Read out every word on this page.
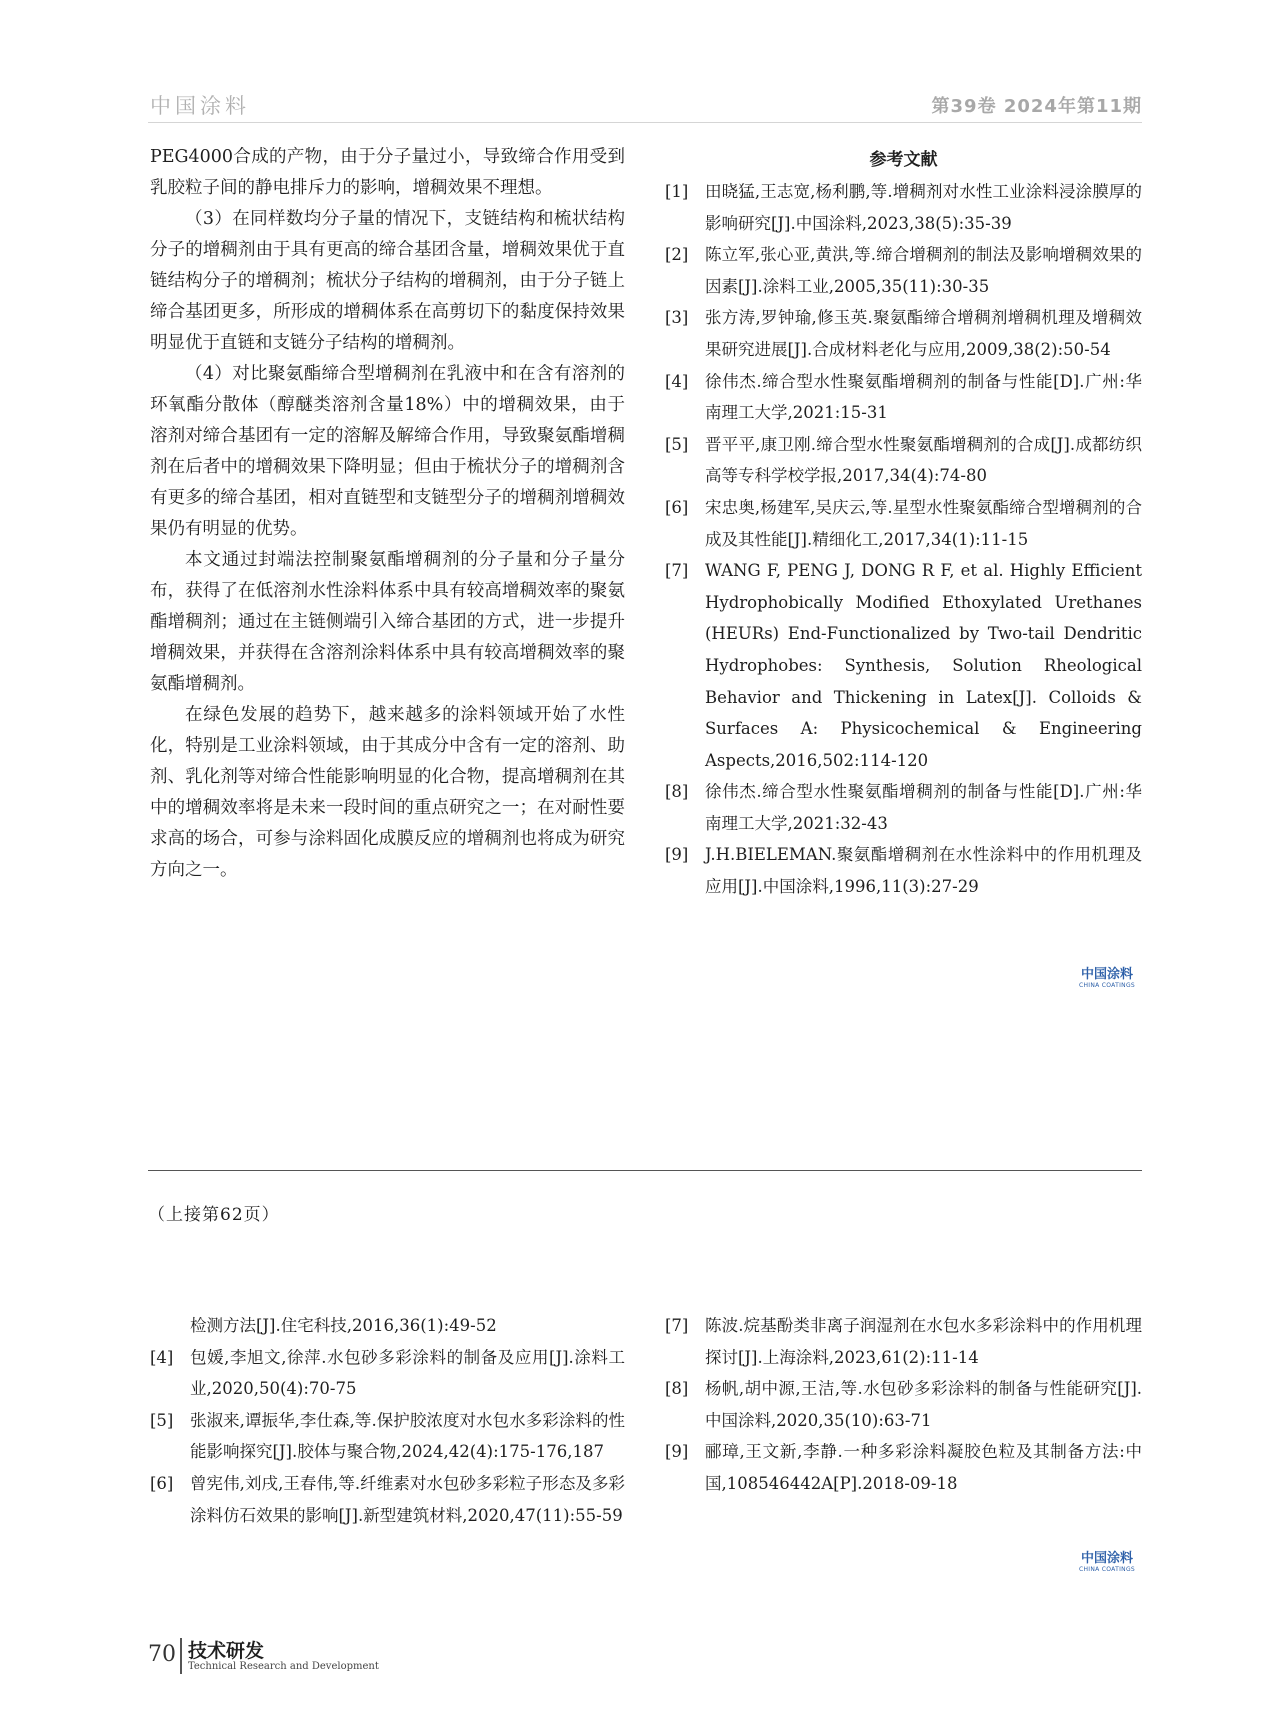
中国涂料	第39卷 2024年第11期

PEG4000合成的产物，由于分子量过小，导致缔合作用受到乳胶粒子间的静电排斥力的影响，增稠效果不理想。

（3）在同样数均分子量的情况下，支链结构和梳状结构分子的增稠剂由于具有更高的缔合基团含量，增稠效果优于直链结构分子的增稠剂；梳状分子结构的增稠剂，由于分子链上缔合基团更多，所形成的增稠体系在高剪切下的黏度保持效果明显优于直链和支链分子结构的增稠剂。

（4）对比聚氨酯缔合型增稠剂在乳液中和在含有溶剂的环氧酯分散体（醇醚类溶剂含量18%）中的增稠效果，由于溶剂对缔合基团有一定的溶解及解缔合作用，导致聚氨酯增稠剂在后者中的增稠效果下降明显；但由于梳状分子的增稠剂含有更多的缔合基团，相对直链型和支链型分子的增稠剂增稠效果仍有明显的优势。

本文通过封端法控制聚氨酯增稠剂的分子量和分子量分布，获得了在低溶剂水性涂料体系中具有较高增稠效率的聚氨酯增稠剂；通过在主链侧端引入缔合基团的方式，进一步提升增稠效果，并获得在含溶剂涂料体系中具有较高增稠效率的聚氨酯增稠剂。

在绿色发展的趋势下，越来越多的涂料领域开始了水性化，特别是工业涂料领域，由于其成分中含有一定的溶剂、助剂、乳化剂等对缔合性能影响明显的化合物，提高增稠剂在其中的增稠效率将是未来一段时间的重点研究之一；在对耐性要求高的场合，可参与涂料固化成膜反应的增稠剂也将成为研究方向之一。

参考文献
[1] 田晓猛,王志宽,杨利鹏,等.增稠剂对水性工业涂料浸涂膜厚的影响研究[J].中国涂料,2023,38(5):35-39
[2] 陈立军,张心亚,黄洪,等.缔合增稠剂的制法及影响增稠效果的因素[J].涂料工业,2005,35(11):30-35
[3] 张方涛,罗钟瑜,修玉英.聚氨酯缔合增稠剂增稠机理及增稠效果研究进展[J].合成材料老化与应用,2009,38(2):50-54
[4] 徐伟杰.缔合型水性聚氨酯增稠剂的制备与性能[D].广州:华南理工大学,2021:15-31
[5] 晋平平,康卫刚.缔合型水性聚氨酯增稠剂的合成[J].成都纺织高等专科学校学报,2017,34(4):74-80
[6] 宋忠奥,杨建军,吴庆云,等.星型水性聚氨酯缔合型增稠剂的合成及其性能[J].精细化工,2017,34(1):11-15
[7] WANG F, PENG J, DONG R F, et al. Highly Efficient Hydrophobically Modified Ethoxylated Urethanes (HEURs) End-Functionalized by Two-tail Dendritic Hydrophobes: Synthesis, Solution Rheological Behavior and Thickening in Latex[J]. Colloids & Surfaces A: Physicochemical & Engineering Aspects,2016,502:114-120
[8] 徐伟杰.缔合型水性聚氨酯增稠剂的制备与性能[D].广州:华南理工大学,2021:32-43
[9] J.H.BIELEMAN.聚氨酯增稠剂在水性涂料中的作用机理及应用[J].中国涂料,1996,11(3):27-29
中国涂料
CHINA COATINGS
（上接第62页）
检测方法[J].住宅科技,2016,36(1):49-52
[4] 包媛,李旭文,徐萍.水包砂多彩涂料的制备及应用[J].涂料工业,2020,50(4):70-75
[5] 张淑来,谭振华,李仕森,等.保护胶浓度对水包水多彩涂料的性能影响探究[J].胶体与聚合物,2024,42(4):175-176,187
[6] 曾宪伟,刘戌,王春伟,等.纤维素对水包砂多彩粒子形态及多彩涂料仿石效果的影响[J].新型建筑材料,2020,47(11):55-59
[7] 陈波.烷基酚类非离子润湿剂在水包水多彩涂料中的作用机理探讨[J].上海涂料,2023,61(2):11-14
[8] 杨帆,胡中源,王洁,等.水包砂多彩涂料的制备与性能研究[J].中国涂料,2020,35(10):63-71
[9] 郦璋,王文新,李静.一种多彩涂料凝胶色粒及其制备方法:中国,108546442A[P].2018-09-18
中国涂料
CHINA COATINGS
70 技术研发
Technical Research and Development
